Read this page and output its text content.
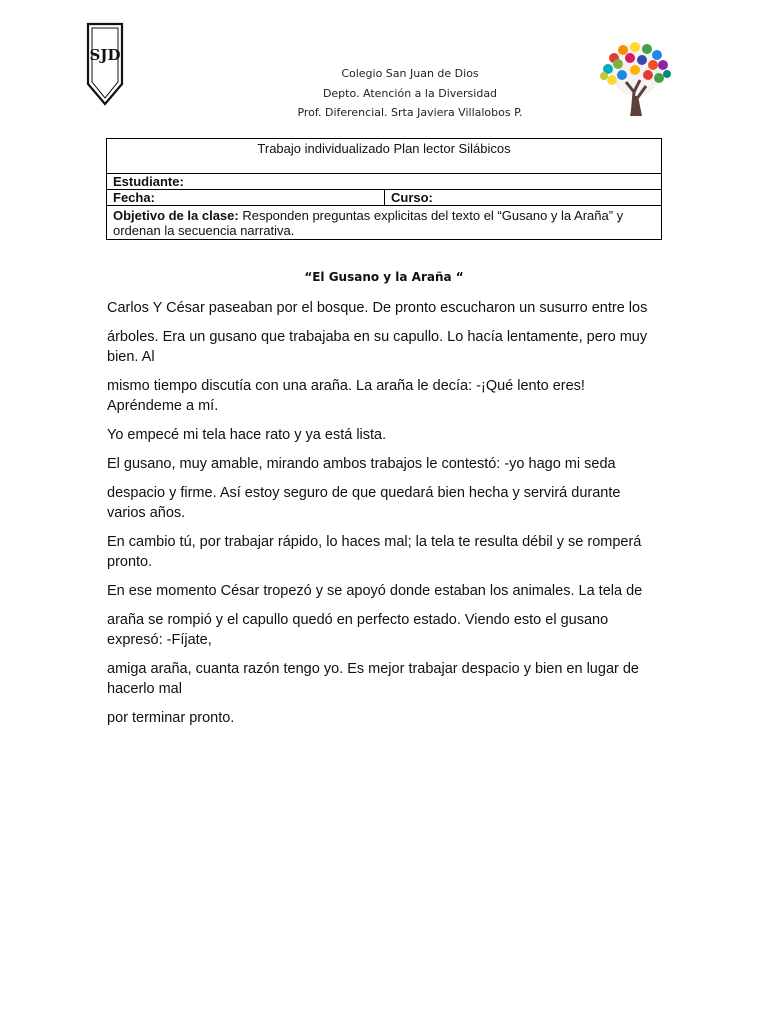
SJD
Colegio San Juan de Dios
Depto. Atención a la Diversidad
Prof. Diferencial. Srta Javiera Villalobos P.
Trabajo individualizado Plan lector Silábicos
Estudiante:
Fecha:	Curso:
Objetivo de la clase: Responden preguntas explicitas del texto el “Gusano y la Araña” y ordenan la secuencia narrativa.
“El Gusano y la Araña “

Carlos Y César paseaban por el bosque. De pronto escucharon un susurro entre los

árboles. Era un gusano que trabajaba en su capullo. Lo hacía lentamente, pero muy bien. Al

mismo tiempo discutía con una araña. La araña le decía: -¡Qué lento eres! Apréndeme a mí.

Yo empecé mi tela hace rato y ya está lista.

El gusano, muy amable, mirando ambos trabajos le contestó: -yo hago mi seda

despacio y firme. Así estoy seguro de que quedará bien hecha y servirá durante varios años.

En cambio tú, por trabajar rápido, lo haces mal; la tela te resulta débil y se romperá pronto.

En ese momento César tropezó y se apoyó donde estaban los animales. La tela de

araña se rompió y el capullo quedó en perfecto estado. Viendo esto el gusano expresó: -Fíjate,

amiga araña, cuanta razón tengo yo. Es mejor trabajar despacio y bien en lugar de hacerlo mal

por terminar pronto.
